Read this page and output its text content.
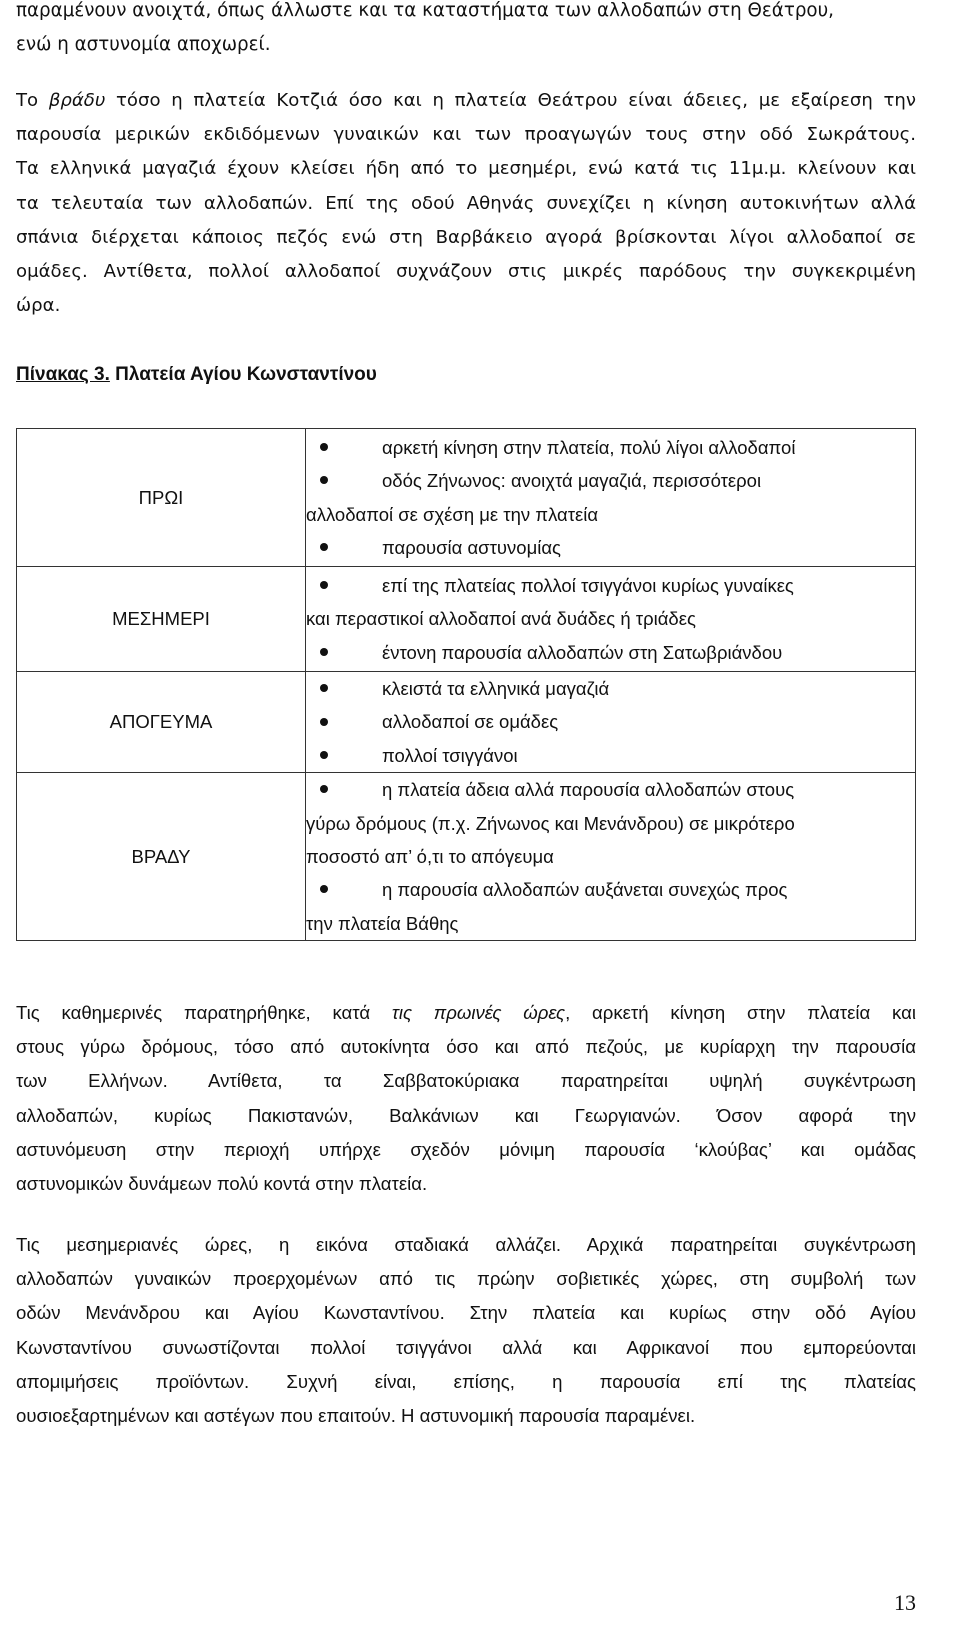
παραμένουν ανοιχτά, όπως άλλωστε και τα καταστήματα των αλλοδαπών στη Θεάτρου,
ενώ η αστυνομία αποχωρεί.
Το βράδυ τόσο η πλατεία Κοτζιά όσο και η πλατεία Θεάτρου είναι άδειες, με εξαίρεση την
παρουσία μερικών εκδιδόμενων γυναικών και των προαγωγών τους στην οδό Σωκράτους.
Τα ελληνικά μαγαζιά έχουν κλείσει ήδη από το μεσημέρι, ενώ κατά τις 11μ.μ. κλείνουν και
τα τελευταία των αλλοδαπών. Επί της οδού Αθηνάς συνεχίζει η κίνηση αυτοκινήτων αλλά
σπάνια διέρχεται κάποιος πεζός ενώ στη Βαρβάκειο αγορά βρίσκονται λίγοι αλλοδαποί σε
ομάδες. Αντίθετα, πολλοί αλλοδαποί συχνάζουν στις μικρές παρόδους την συγκεκριμένη
ώρα.
Πίνακας 3. Πλατεία Αγίου Κωνσταντίνου
ΠΡΩΙ	αρκετή κίνηση στην πλατεία, πολύ λίγοι αλλοδαποί
οδός Ζήνωνος: ανοιχτά μαγαζιά, περισσότεροι
αλλοδαποί σε σχέση με την πλατεία
παρουσία αστυνομίας

ΜΕΣΗΜΕΡΙ	επί της πλατείας πολλοί τσιγγάνοι κυρίως γυναίκες
και περαστικοί αλλοδαποί ανά δυάδες ή τριάδες
έντονη παρουσία αλλοδαπών στη Σατωβριάνδου

ΑΠΟΓΕΥΜΑ	κλειστά τα ελληνικά μαγαζιά
αλλοδαποί σε ομάδες
πολλοί τσιγγάνοι

ΒΡΑΔΥ	η πλατεία άδεια αλλά παρουσία αλλοδαπών στους
γύρω δρόμους (π.χ. Ζήνωνος και Μενάνδρου) σε μικρότερο
ποσοστό απ’ ό,τι το απόγευμα
η παρουσία αλλοδαπών αυξάνεται συνεχώς προς
την πλατεία Βάθης
Τις καθημερινές παρατηρήθηκε, κατά τις πρωινές ώρες, αρκετή κίνηση στην πλατεία και
στους γύρω δρόμους, τόσο από αυτοκίνητα όσο και από πεζούς, με κυρίαρχη την παρουσία
των Ελλήνων. Αντίθετα, τα Σαββατοκύριακα παρατηρείται υψηλή συγκέντρωση
αλλοδαπών, κυρίως Πακιστανών, Βαλκάνιων και Γεωργιανών. Όσον αφορά την
αστυνόμευση στην περιοχή υπήρχε σχεδόν μόνιμη παρουσία ‘κλούβας’ και ομάδας
αστυνομικών δυνάμεων πολύ κοντά στην πλατεία.
Τις μεσημεριανές ώρες, η εικόνα σταδιακά αλλάζει. Αρχικά παρατηρείται συγκέντρωση
αλλοδαπών γυναικών προερχομένων από τις πρώην σοβιετικές χώρες, στη συμβολή των
οδών Μενάνδρου και Αγίου Κωνσταντίνου. Στην πλατεία και κυρίως στην οδό Αγίου
Κωνσταντίνου συνωστίζονται πολλοί τσιγγάνοι αλλά και Αφρικανοί που εμπορεύονται
απομιμήσεις προϊόντων. Συχνή είναι, επίσης, η παρουσία επί της πλατείας
ουσιοεξαρτημένων και αστέγων που επαιτούν. Η αστυνομική παρουσία παραμένει.
13
